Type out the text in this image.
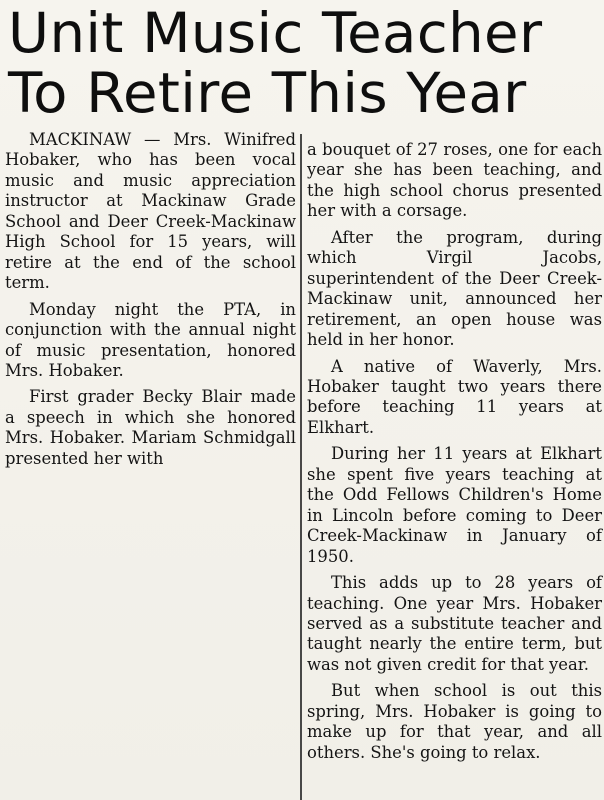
Unit Music Teacher
To Retire This Year

MACKINAW — Mrs. Winifred Hobaker, who has been vocal music and music appreciation instructor at Mackinaw Grade School and Deer Creek-Mackinaw High School for 15 years, will retire at the end of the school term.

Monday night the PTA, in conjunction with the annual night of music presentation, honored Mrs. Hobaker.

First grader Becky Blair made a speech in which she honored Mrs. Hobaker. Mariam Schmidgall presented her with

a bouquet of 27 roses, one for each year she has been teaching, and the high school chorus presented her with a corsage.

After the program, during which Virgil Jacobs, superintendent of the Deer Creek-Mackinaw unit, announced her retirement, an open house was held in her honor.

A native of Waverly, Mrs. Hobaker taught two years there before teaching 11 years at Elkhart.

During her 11 years at Elkhart she spent five years teaching at the Odd Fellows Children's Home in Lincoln before coming to Deer Creek-Mackinaw in January of 1950.

This adds up to 28 years of teaching. One year Mrs. Hobaker served as a substitute teacher and taught nearly the entire term, but was not given credit for that year.

But when school is out this spring, Mrs. Hobaker is going to make up for that year, and all others. She's going to relax.
